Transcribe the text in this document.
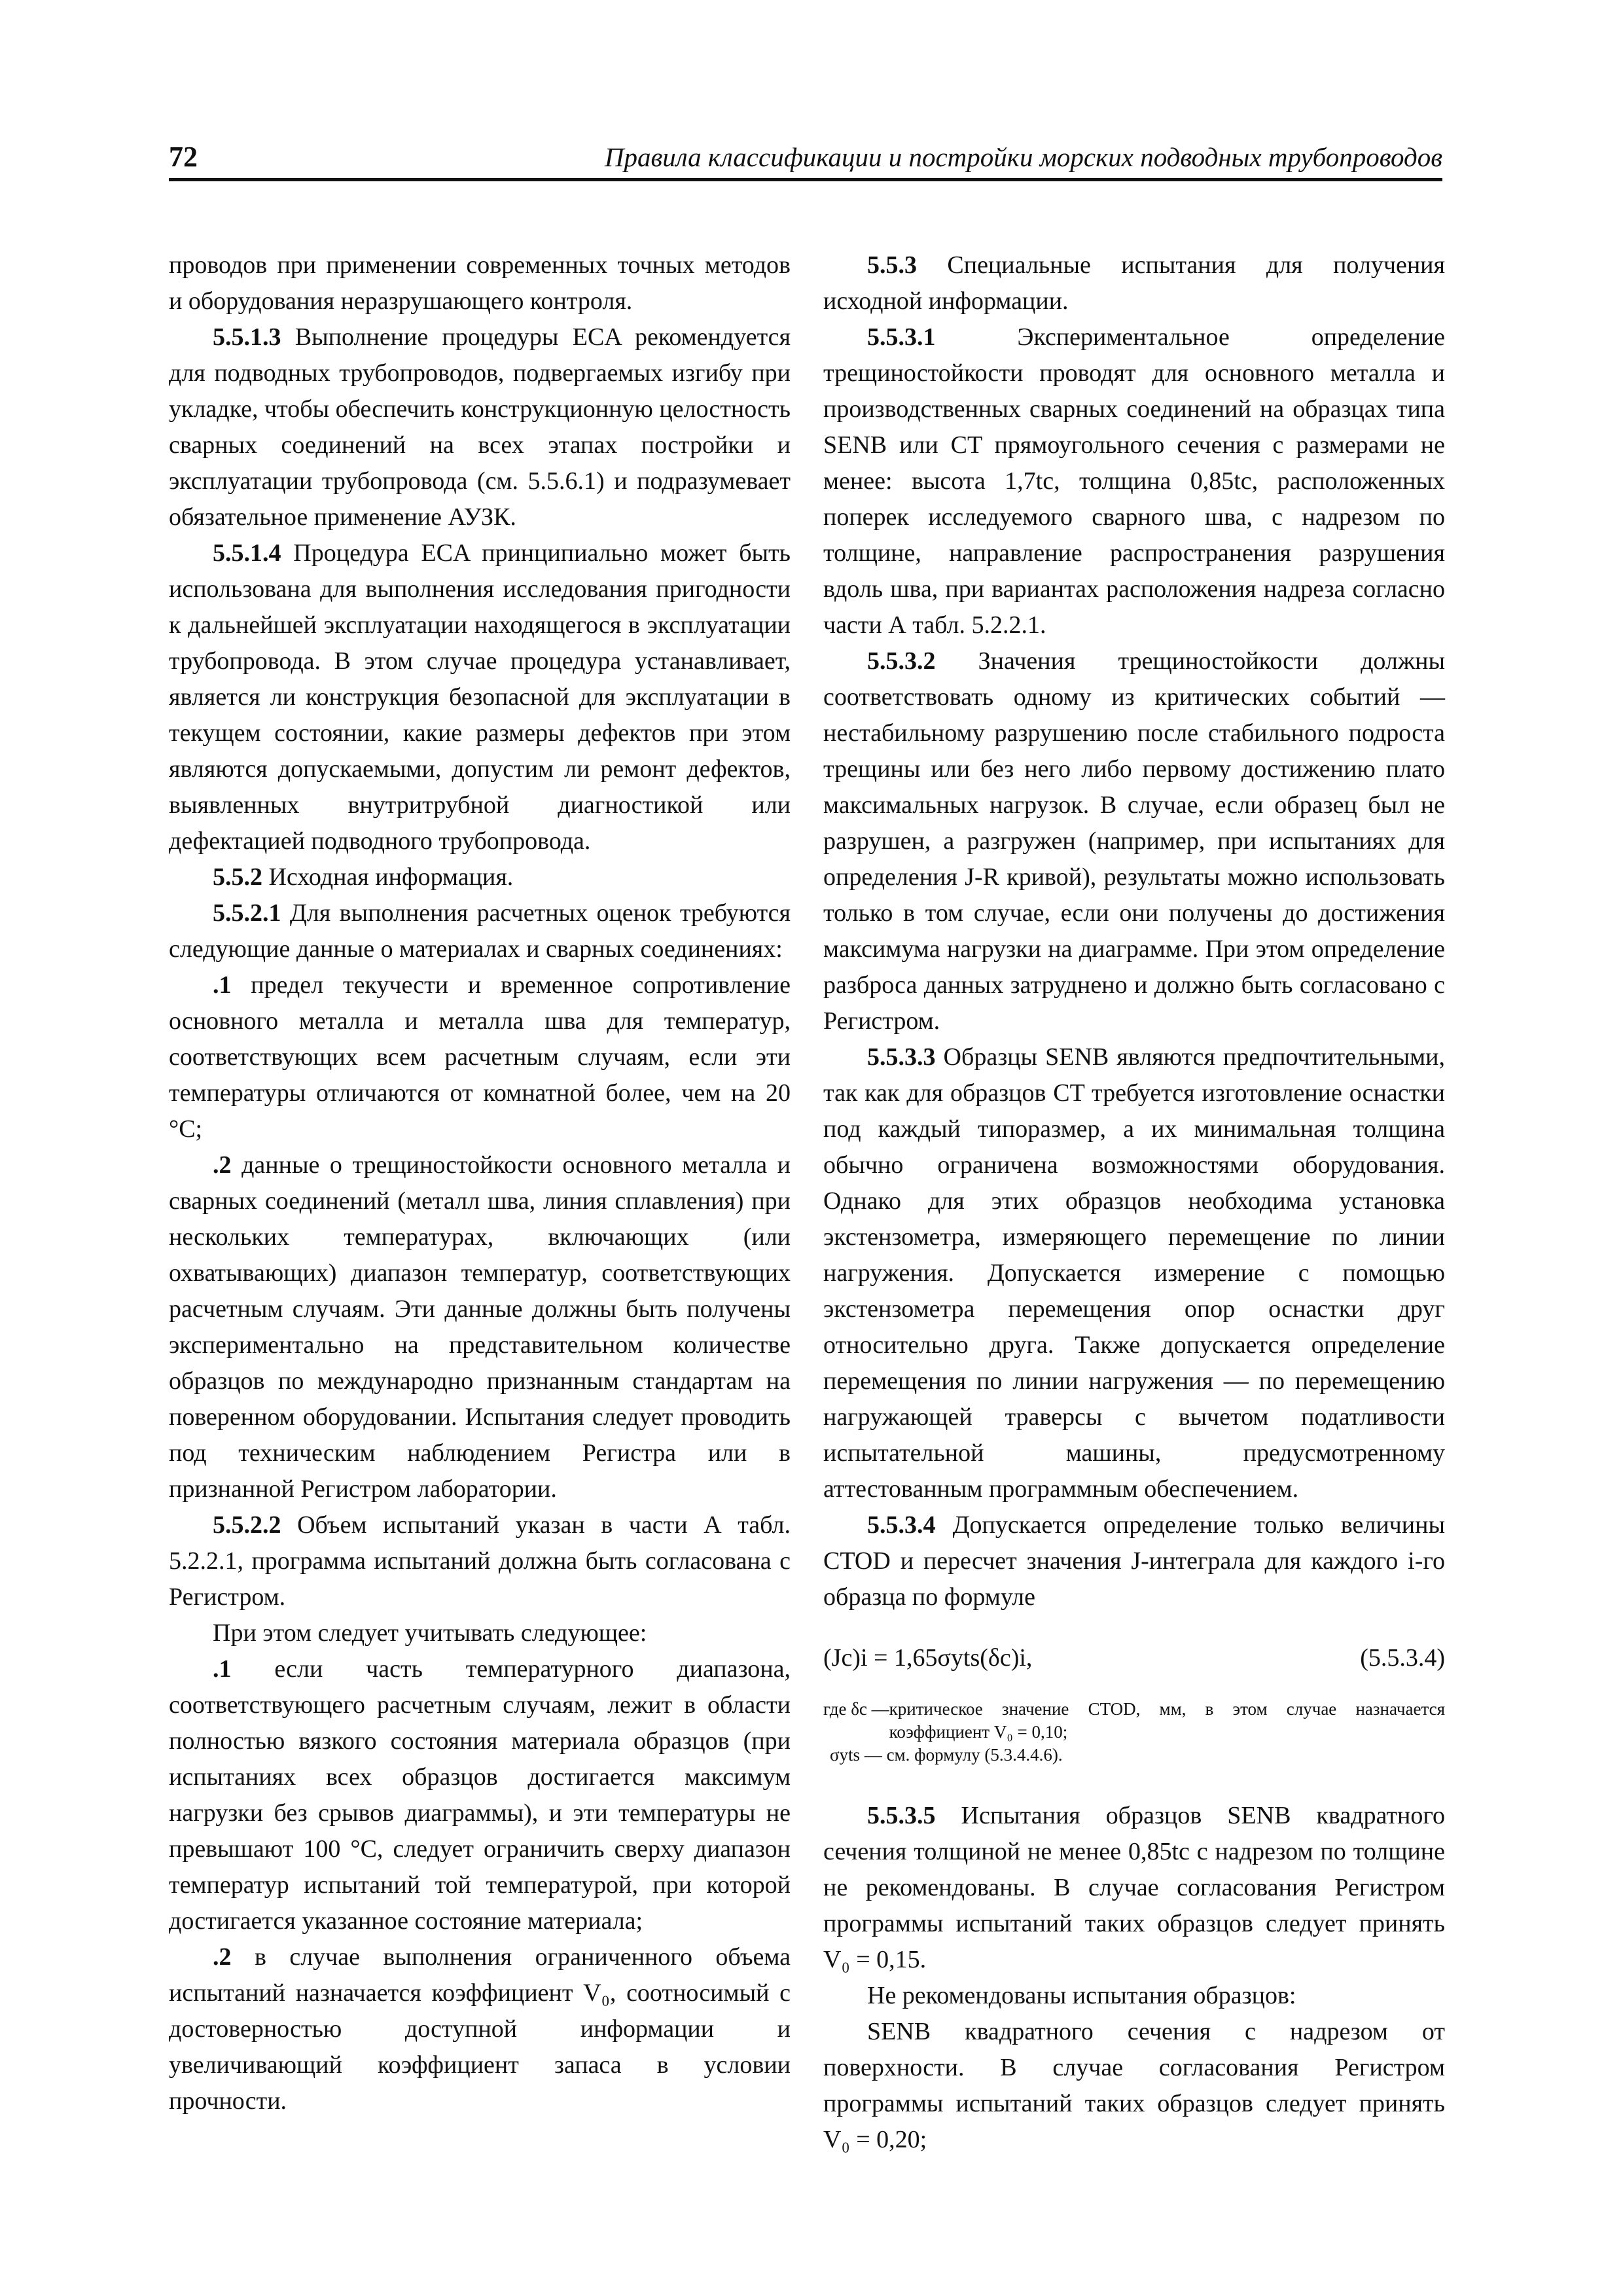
72	Правила классификации и постройки морских подводных трубопроводов

проводов при применении современных точных методов и оборудования неразрушающего контроля.

5.5.1.3 Выполнение процедуры ECA рекомендуется для подводных трубопроводов, подвергаемых изгибу при укладке, чтобы обеспечить конструкционную целостность сварных соединений на всех этапах постройки и эксплуатации трубопровода (см. 5.5.6.1) и подразумевает обязательное применение АУЗК.

5.5.1.4 Процедура ECA принципиально может быть использована для выполнения исследования пригодности к дальнейшей эксплуатации находящегося в эксплуатации трубопровода. В этом случае процедура устанавливает, является ли конструкция безопасной для эксплуатации в текущем состоянии, какие размеры дефектов при этом являются допускаемыми, допустим ли ремонт дефектов, выявленных внутритрубной диагностикой или дефектацией подводного трубопровода.

5.5.2 Исходная информация.

5.5.2.1 Для выполнения расчетных оценок требуются следующие данные о материалах и сварных соединениях:

.1 предел текучести и временное сопротивление основного металла и металла шва для температур, соответствующих всем расчетным случаям, если эти температуры отличаются от комнатной более, чем на 20 °С;

.2 данные о трещиностойкости основного металла и сварных соединений (металл шва, линия сплавления) при нескольких температурах, включающих (или охватывающих) диапазон температур, соответствующих расчетным случаям. Эти данные должны быть получены экспериментально на представительном количестве образцов по международно признанным стандартам на поверенном оборудовании. Испытания следует проводить под техническим наблюдением Регистра или в признанной Регистром лаборатории.

5.5.2.2 Объем испытаний указан в части А табл. 5.2.2.1, программа испытаний должна быть согласована с Регистром.

При этом следует учитывать следующее:

.1 если часть температурного диапазона, соответствующего расчетным случаям, лежит в области полностью вязкого состояния материала образцов (при испытаниях всех образцов достигается максимум нагрузки без срывов диаграммы), и эти температуры не превышают 100 °С, следует ограничить сверху диапазон температур испытаний той температурой, при которой достигается указанное состояние материала;

.2 в случае выполнения ограниченного объема испытаний назначается коэффициент V₀, соотносимый с достоверностью доступной информации и увеличивающий коэффициент запаса в условии прочности.

5.5.3 Специальные испытания для получения исходной информации.

5.5.3.1 Экспериментальное определение трещиностойкости проводят для основного металла и производственных сварных соединений на образцах типа SENB или CT прямоугольного сечения с размерами не менее: высота 1,7tc, толщина 0,85tc, расположенных поперек исследуемого сварного шва, с надрезом по толщине, направление распространения разрушения вдоль шва, при вариантах расположения надреза согласно части А табл. 5.2.2.1.

5.5.3.2 Значения трещиностойкости должны соответствовать одному из критических событий — нестабильному разрушению после стабильного подроста трещины или без него либо первому достижению плато максимальных нагрузок. В случае, если образец был не разрушен, а разгружен (например, при испытаниях для определения J-R кривой), результаты можно использовать только в том случае, если они получены до достижения максимума нагрузки на диаграмме. При этом определение разброса данных затруднено и должно быть согласовано с Регистром.

5.5.3.3 Образцы SENB являются предпочтительными, так как для образцов CT требуется изготовление оснастки под каждый типоразмер, а их минимальная толщина обычно ограничена возможностями оборудования. Однако для этих образцов необходима установка экстензометра, измеряющего перемещение по линии нагружения. Допускается измерение с помощью экстензометра перемещения опор оснастки друг относительно друга. Также допускается определение перемещения по линии нагружения — по перемещению нагружающей траверсы с вычетом податливости испытательной машины, предусмотренному аттестованным программным обеспечением.

5.5.3.4 Допускается определение только величины CTOD и пересчет значения J-интеграла для каждого i-го образца по формуле

(Jc)i = 1,65σyts(δc)i,	(5.5.3.4)
где δc — критическое значение CTOD, мм, в этом случае назначается коэффициент V₀ = 0,10;
σyts — см. формулу (5.3.4.4.6).

5.5.3.5 Испытания образцов SENB квадратного сечения толщиной не менее 0,85tc с надрезом по толщине не рекомендованы. В случае согласования Регистром программы испытаний таких образцов следует принять V₀ = 0,15.

Не рекомендованы испытания образцов:

SENB квадратного сечения с надрезом от поверхности. В случае согласования Регистром программы испытаний таких образцов следует принять V₀ = 0,20;
